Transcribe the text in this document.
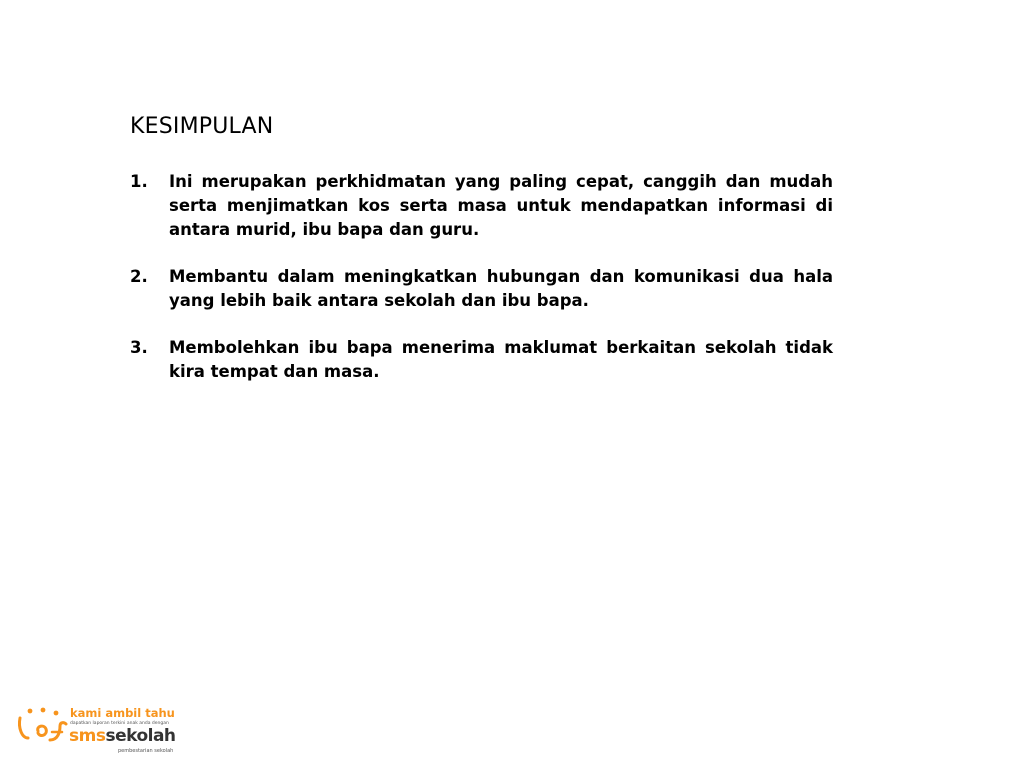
KESIMPULAN
1.	Ini merupakan perkhidmatan yang paling cepat, canggih dan mudah serta menjimatkan kos serta masa untuk mendapatkan informasi di antara murid, ibu bapa dan guru.
2.	Membantu dalam meningkatkan hubungan dan komunikasi dua hala yang lebih baik antara sekolah dan ibu bapa.
3.	Membolehkan ibu bapa menerima maklumat berkaitan sekolah tidak kira tempat dan masa.
kami ambil tahu
dapatkan laporan terkini anak anda dengan
smssekolah
pembestarian sekolah
